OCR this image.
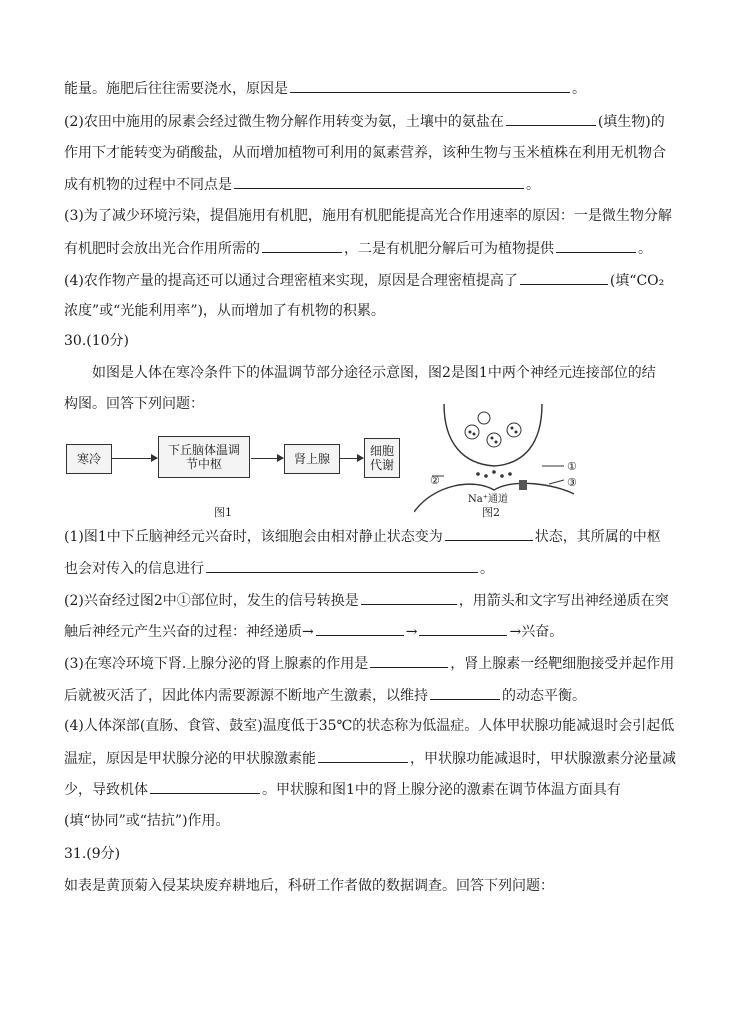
能量。施肥后往往需要浇水，原因是	。
(2)农田中施用的尿素会经过微生物分解作用转变为氨，土壤中的氨盐在	(填生物)的
作用下才能转变为硝酸盐，从而增加植物可利用的氮素营养，该种生物与玉米植株在利用无机物合
成有机物的过程中不同点是	。
(3)为了减少环境污染，提倡施用有机肥，施用有机肥能提高光合作用速率的原因：一是微生物分解
有机肥时会放出光合作用所需的	，二是有机肥分解后可为植物提供	。
(4)农作物产量的提高还可以通过合理密植来实现，原因是合理密植提高了	(填“CO₂
浓度”或“光能利用率”)，从而增加了有机物的积累。
30.(10分)
如图是人体在寒冷条件下的体温调节部分途径示意图，图2是图1中两个神经元连接部位的结
构图。回答下列问题：
寒冷
下丘脑体温调节中枢	肾上腺
细胞代谢
图1
②
①
③
Na⁺通道
图2
(1)图1中下丘脑神经元兴奋时，该细胞会由相对静止状态变为	状态，其所属的中枢
也会对传入的信息进行	。
(2)兴奋经过图2中①部位时，发生的信号转换是	，用箭头和文字写出神经递质在突
触后神经元产生兴奋的过程：神经递质→	→	→兴奋。
(3)在寒冷环境下肾.上腺分泌的肾上腺素的作用是	，肾上腺素一经靶细胞接受并起作用
后就被灭活了，因此体内需要源源不断地产生激素，以维持	的动态平衡。
(4)人体深部(直肠、食管、鼓室)温度低于35℃的状态称为低温症。人体甲状腺功能减退时会引起低
温症，原因是甲状腺分泌的甲状腺激素能	，甲状腺功能减退时，甲状腺激素分泌量减
少，导致机体	。甲状腺和图1中的肾上腺分泌的激素在调节体温方面具有
(填“协同”或“拮抗”)作用。
31.(9分)
如表是黄顶菊入侵某块废弃耕地后，科研工作者做的数据调查。回答下列问题：
